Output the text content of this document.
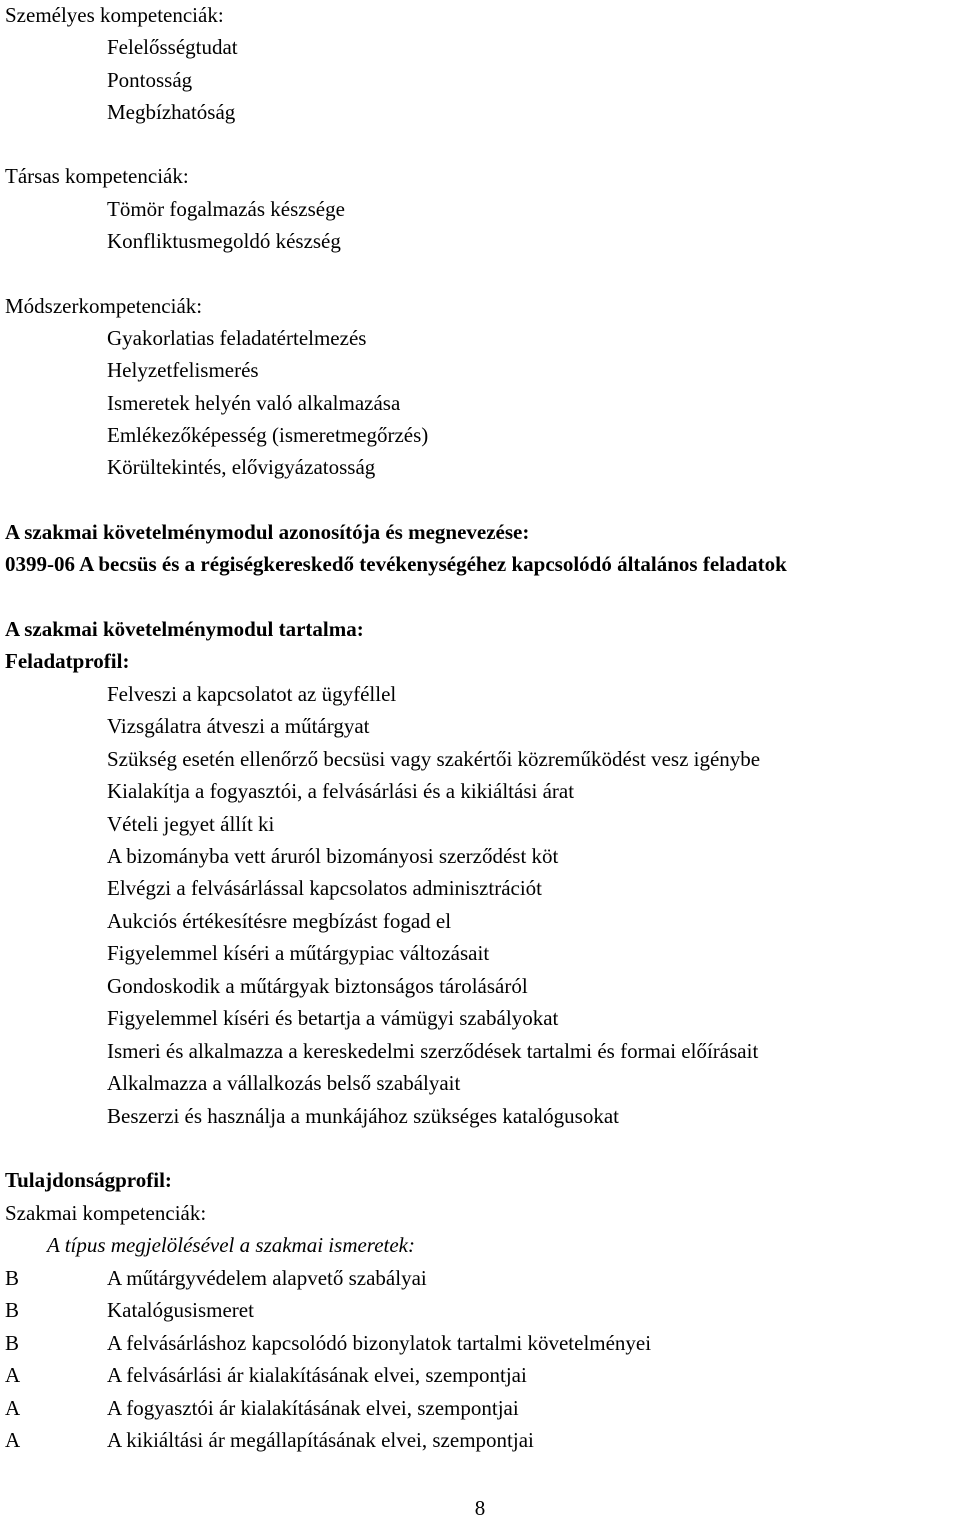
Személyes kompetenciák:
Felelősségtudat
Pontosság
Megbízhatóság
Társas kompetenciák:
Tömör fogalmazás készsége
Konfliktusmegoldó készség
Módszerkompetenciák:
Gyakorlatias feladatértelmezés
Helyzetfelismerés
Ismeretek helyén való alkalmazása
Emlékezőképesség (ismeretmegőrzés)
Körültekintés, elővigyázatosság
A szakmai követelménymodul azonosítója és megnevezése:
0399-06 A becsüs és a régiségkereskedő tevékenységéhez kapcsolódó általános feladatok
A szakmai követelménymodul tartalma:
Feladatprofil:
Felveszi a kapcsolatot az ügyféllel
Vizsgálatra átveszi a műtárgyat
Szükség esetén ellenőrző becsüsi vagy szakértői közreműködést vesz igénybe
Kialakítja a fogyasztói, a felvásárlási és a kikiáltási árat
Vételi jegyet állít ki
A bizományba vett áruról bizományosi szerződést köt
Elvégzi a felvásárlással kapcsolatos adminisztrációt
Aukciós értékesítésre megbízást fogad el
Figyelemmel kíséri a műtárgypiac változásait
Gondoskodik a műtárgyak biztonságos tárolásáról
Figyelemmel kíséri és betartja a vámügyi szabályokat
Ismeri és alkalmazza a kereskedelmi szerződések tartalmi és formai előírásait
Alkalmazza a vállalkozás belső szabályait
Beszerzi és használja a munkájához szükséges katalógusokat
Tulajdonságprofil:
Szakmai kompetenciák:
A típus megjelölésével a szakmai ismeretek:
B	A műtárgyvédelem alapvető szabályai
B	Katalógusismeret
B	A felvásárláshoz kapcsolódó bizonylatok tartalmi követelményei
A	A felvásárlási ár kialakításának elvei, szempontjai
A	A fogyasztói ár kialakításának elvei, szempontjai
A	A kikiáltási ár megállapításának elvei, szempontjai
8
